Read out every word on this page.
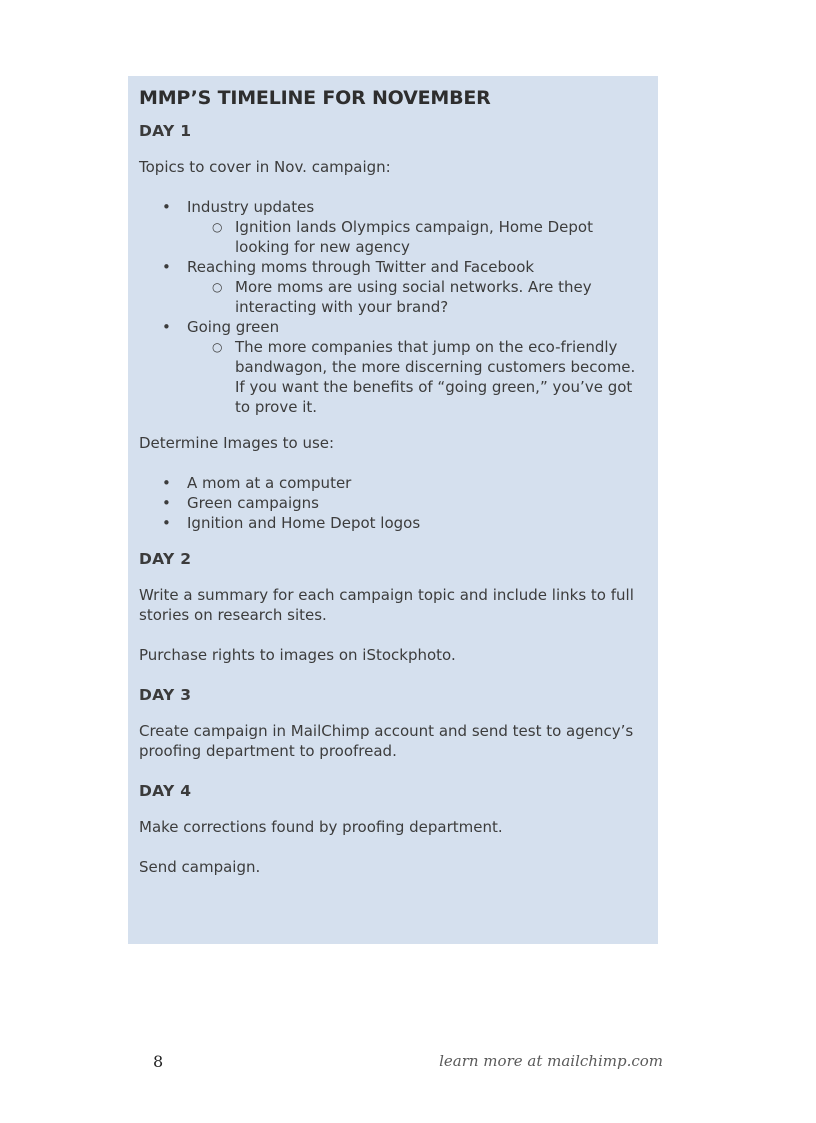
MMP’S TIMELINE FOR NOVEMBER
DAY 1
Topics to cover in Nov. campaign:
• Industry updates
○ Ignition lands Olympics campaign, Home Depot looking for new agency
• Reaching moms through Twitter and Facebook
○ More moms are using social networks. Are they interacting with your brand?
• Going green
○ The more companies that jump on the eco-friendly bandwagon, the more discerning customers become. If you want the benefits of “going green,” you’ve got to prove it.
Determine Images to use:
• A mom at a computer
• Green campaigns
• Ignition and Home Depot logos
DAY 2
Write a summary for each campaign topic and include links to full stories on research sites.
Purchase rights to images on iStockphoto.
DAY 3
Create campaign in MailChimp account and send test to agency’s proofing department to proofread.
DAY 4
Make corrections found by proofing department.
Send campaign.
8	learn more at mailchimp.com
